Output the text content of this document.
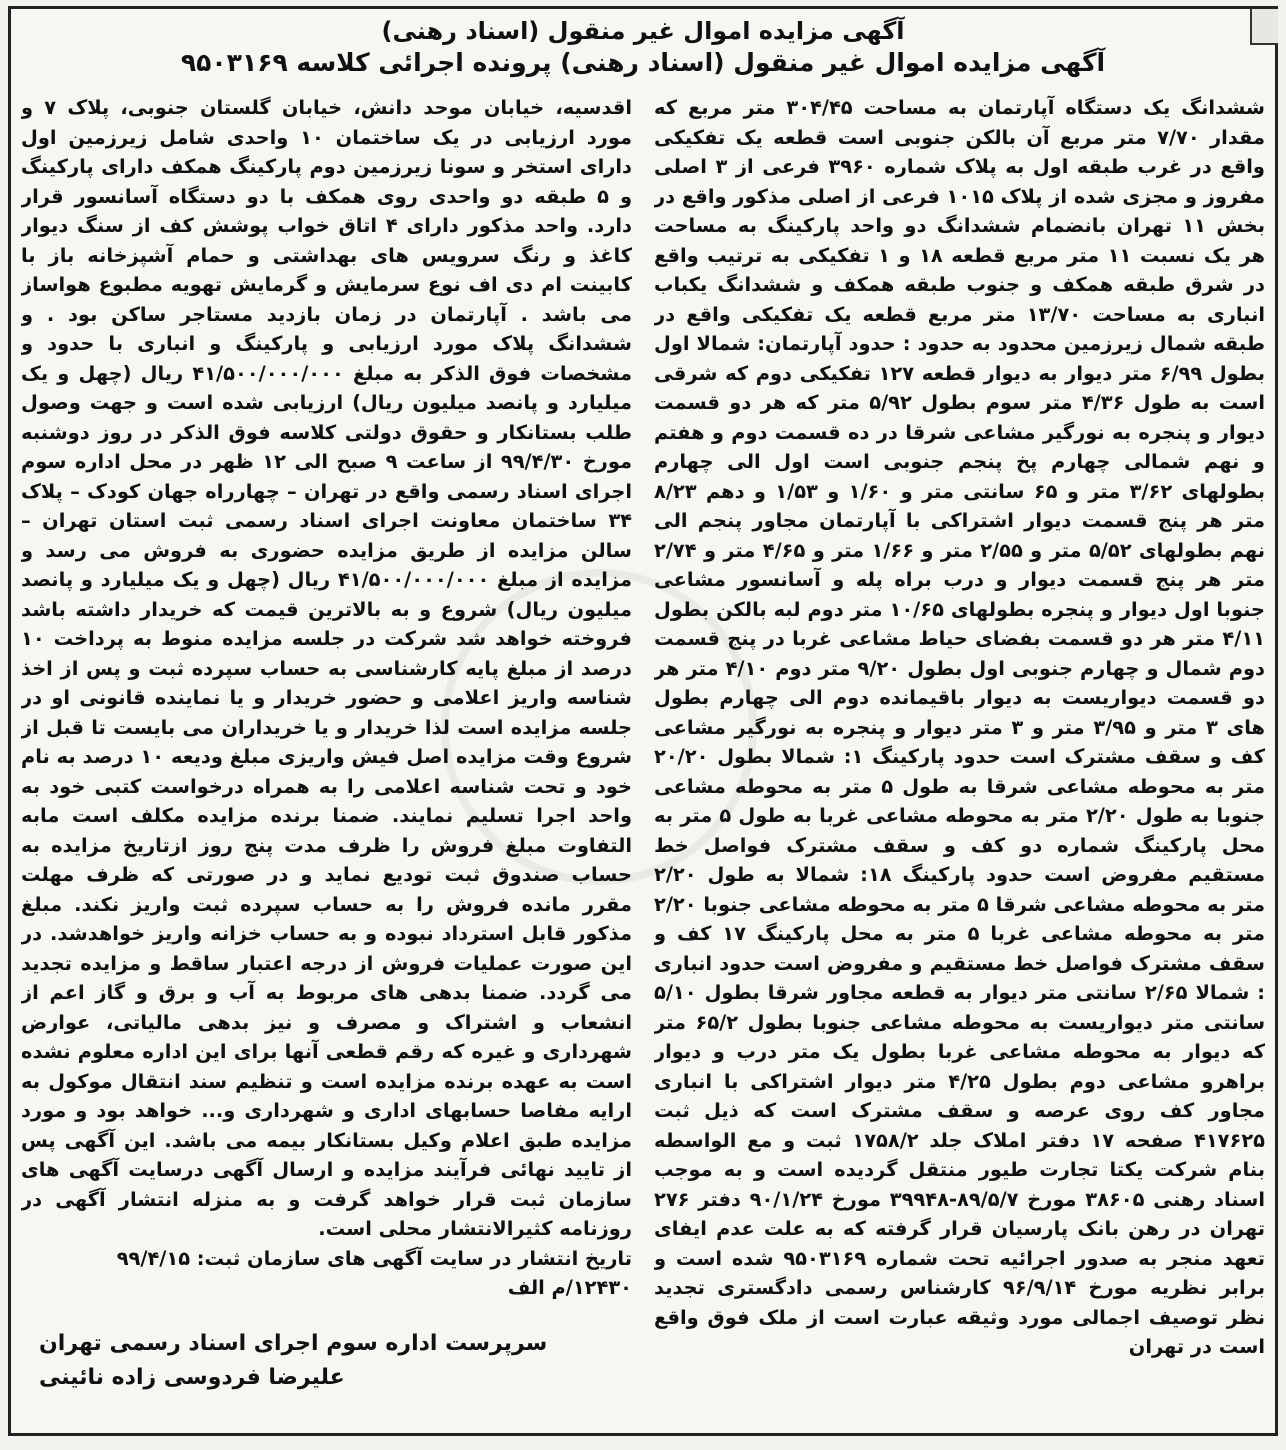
آگهی مزایده اموال غیر منقول (اسناد رهنی)
آگهی مزایده اموال غیر منقول (اسناد رهنی) پرونده اجرائی کلاسه ۹۵۰۳۱۶۹

ششدانگ یک دستگاه آپارتمان به مساحت ۳۰۴/۴۵ متر مربع که مقدار ۷/۷۰ متر مربع آن بالکن جنوبی است قطعه یک تفکیکی واقع در غرب طبقه اول به پلاک شماره ۳۹۶۰ فرعی از ۳ اصلی مفروز و مجزی شده از پلاک ۱۰۱۵ فرعی از اصلی مذکور واقع در بخش ۱۱ تهران بانضمام ششدانگ دو واحد پارکینگ به مساحت هر یک نسبت ۱۱ متر مربع قطعه ۱۸ و ۱ تفکیکی به ترتیب واقع در شرق طبقه همکف و جنوب طبقه همکف و ششدانگ یکباب انباری به مساحت ۱۳/۷۰ متر مربع قطعه یک تفکیکی واقع در طبقه شمال زیرزمین محدود به حدود : حدود آپارتمان: شمالا اول بطول ۶/۹۹ متر دیوار به دیوار قطعه ۱۲۷ تفکیکی دوم که شرقی است به طول ۴/۳۶ متر سوم بطول ۵/۹۲ متر که هر دو قسمت دیوار و پنجره به نورگیر مشاعی شرقا در ده قسمت دوم و هفتم و نهم شمالی چهارم پخ پنجم جنوبی است اول الی چهارم بطولهای ۳/۶۲ متر و ۶۵ سانتی متر و ۱/۶۰ و ۱/۵۳ و دهم ۸/۲۳ متر هر پنج قسمت دیوار اشتراکی با آپارتمان مجاور پنجم الی نهم بطولهای ۵/۵۲ متر و ۲/۵۵ متر و ۱/۶۶ متر و ۴/۶۵ متر و ۲/۷۴ متر هر پنج قسمت دیوار و درب براه پله و آسانسور مشاعی جنوبا اول دیوار و پنجره بطولهای ۱۰/۶۵ متر دوم لبه بالکن بطول ۴/۱۱ متر هر دو قسمت بفضای حیاط مشاعی غربا در پنج قسمت دوم شمال و چهارم جنوبی اول بطول ۹/۲۰ متر دوم ۴/۱۰ متر هر دو قسمت دیواریست به دیوار باقیمانده دوم الی چهارم بطول های ۳ متر و ۳/۹۵ متر و ۳ متر دیوار و پنجره به نورگیر مشاعی کف و سقف مشترک است حدود پارکینگ ۱: شمالا بطول ۲۰/۲۰ متر به محوطه مشاعی شرقا به طول ۵ متر به محوطه مشاعی جنوبا به طول ۲/۲۰ متر به محوطه مشاعی غربا به طول ۵ متر به محل پارکینگ شماره دو کف و سقف مشترک فواصل خط مستقیم مفروض است حدود پارکینگ ۱۸: شمالا به طول ۲/۲۰ متر به محوطه مشاعی شرقا ۵ متر به محوطه مشاعی جنوبا ۲/۲۰ متر به محوطه مشاعی غربا ۵ متر به محل پارکینگ ۱۷ کف و سقف مشترک فواصل خط مستقیم و مفروض است حدود انباری : شمالا ۲/۶۵ سانتی متر دیوار به قطعه مجاور شرقا بطول ۵/۱۰ سانتی متر دیواریست به محوطه مشاعی جنوبا بطول ۶۵/۲ متر که دیوار به محوطه مشاعی غربا بطول یک متر درب و دیوار براهرو مشاعی دوم بطول ۴/۲۵ متر دیوار اشتراکی با انباری مجاور کف روی عرصه و سقف مشترک است که ذیل ثبت ۴۱۷۶۲۵ صفحه ۱۷ دفتر املاک جلد ۱۷۵۸/۲ ثبت و مع الواسطه بنام شرکت یکتا تجارت طیور منتقل گردیده است و به موجب اسناد رهنی ۳۸۶۰۵ مورخ ۸۹/۵/۷-۳۹۹۴۸ مورخ ۹۰/۱/۲۴ دفتر ۲۷۶ تهران در رهن بانک پارسیان قرار گرفته که به علت عدم ایفای تعهد منجر به صدور اجرائیه تحت شماره ۹۵۰۳۱۶۹ شده است و برابر نظریه مورخ ۹۶/۹/۱۴ کارشناس رسمی دادگستری تجدید نظر توصیف اجمالی مورد وثیقه عبارت است از ملک فوق واقع است در تهران

اقدسیه، خیابان موحد دانش، خیابان گلستان جنوبی، پلاک ۷ و مورد ارزیابی در یک ساختمان ۱۰ واحدی شامل زیرزمین اول دارای استخر و سونا زیرزمین دوم پارکینگ همکف دارای پارکینگ و ۵ طبقه دو واحدی روی همکف با دو دستگاه آسانسور قرار دارد. واحد مذکور دارای ۴ اتاق خواب پوشش کف از سنگ دیوار کاغذ و رنگ سرویس های بهداشتی و حمام آشپزخانه باز با کابینت ام دی اف نوع سرمایش و گرمایش تهویه مطبوع هواساز می باشد . آپارتمان در زمان بازدید مستاجر ساکن بود . و ششدانگ پلاک مورد ارزیابی و پارکینگ و انباری با حدود و مشخصات فوق الذکر به مبلغ ۴۱/۵۰۰/۰۰۰/۰۰۰ ریال (چهل و یک میلیارد و پانصد میلیون ریال) ارزیابی شده است و جهت وصول طلب بستانکار و حقوق دولتی کلاسه فوق الذکر در روز دوشنبه مورخ ۹۹/۴/۳۰ از ساعت ۹ صبح الی ۱۲ ظهر در محل اداره سوم اجرای اسناد رسمی واقع در تهران – چهارراه جهان کودک – پلاک ۳۴ ساختمان معاونت اجرای اسناد رسمی ثبت استان تهران – سالن مزایده از طریق مزایده حضوری به فروش می رسد و مزایده از مبلغ ۴۱/۵۰۰/۰۰۰/۰۰۰ ریال (چهل و یک میلیارد و پانصد میلیون ریال) شروع و به بالاترین قیمت که خریدار داشته باشد فروخته خواهد شد شرکت در جلسه مزایده منوط به پرداخت ۱۰ درصد از مبلغ پایه کارشناسی به حساب سپرده ثبت و پس از اخذ شناسه واریز اعلامی و حضور خریدار و یا نماینده قانونی او در جلسه مزایده است لذا خریدار و یا خریداران می بایست تا قبل از شروع وقت مزایده اصل فیش واریزی مبلغ ودیعه ۱۰ درصد به نام خود و تحت شناسه اعلامی را به همراه درخواست کتبی خود به واحد اجرا تسلیم نمایند. ضمنا برنده مزایده مکلف است مابه التفاوت مبلغ فروش را ظرف مدت پنج روز ازتاریخ مزایده به حساب صندوق ثبت تودیع نماید و در صورتی که ظرف مهلت مقرر مانده فروش را به حساب سپرده ثبت واریز نکند. مبلغ مذکور قابل استرداد نبوده و به حساب خزانه واریز خواهدشد. در این صورت عملیات فروش از درجه اعتبار ساقط و مزایده تجدید می گردد. ضمنا بدهی های مربوط به آب و برق و گاز اعم از انشعاب و اشتراک و مصرف و نیز بدهی مالیاتی، عوارض شهرداری و غیره که رقم قطعی آنها برای این اداره معلوم نشده است به عهده برنده مزایده است و تنظیم سند انتقال موکول به ارایه مفاصا حسابهای اداری و شهرداری و... خواهد بود و مورد مزایده طبق اعلام وکیل بستانکار بیمه می باشد. این آگهی پس از تایید نهائی فرآیند مزایده و ارسال آگهی درسایت آگهی های سازمان ثبت قرار خواهد گرفت و به منزله انتشار آگهی در روزنامه کثیرالانتشار محلی است.

تاریخ انتشار در سایت آگهی های سازمان ثبت: ۹۹/۴/۱۵

۱۲۴۳۰/م الف

سرپرست اداره سوم اجرای اسناد رسمی تهران
علیرضا فردوسی زاده نائینی
